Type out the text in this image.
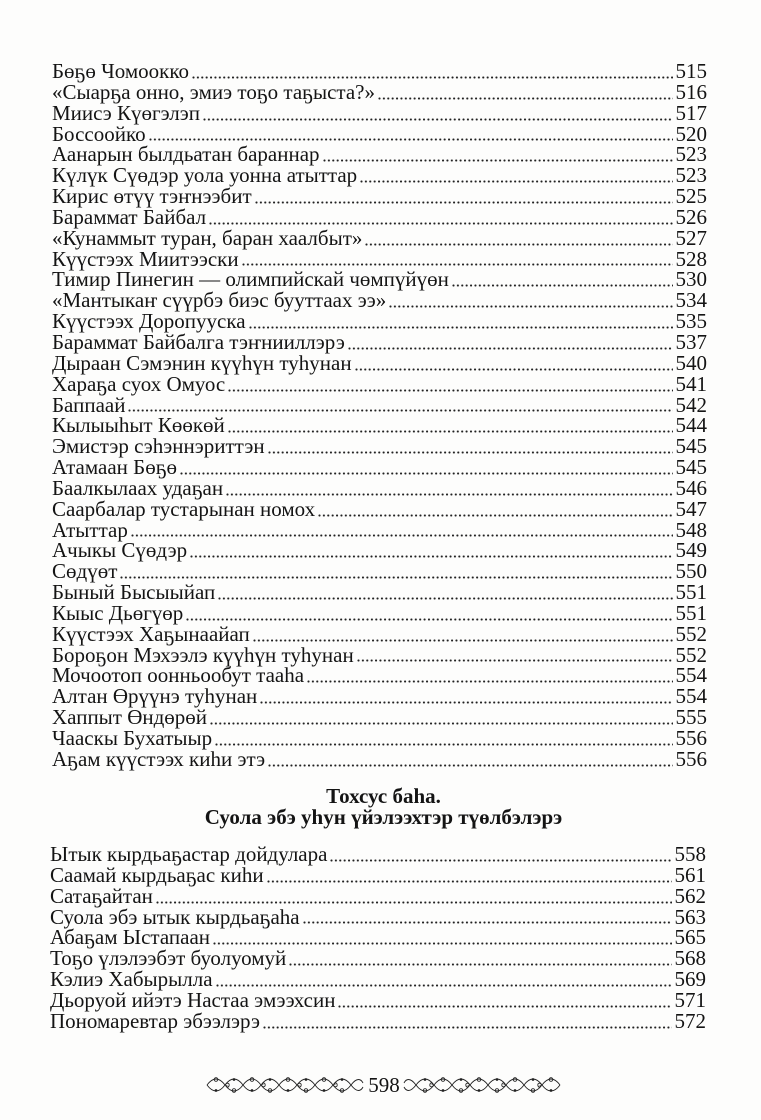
Бөҕө Чомоокко	515
«Сыарҕа онно, эмиэ тоҕо таҕыста?»	516
Миисэ Күөгэлэп	517
Боссоойко	520
Аанарын былдьатан бараннар	523
Күлүк Сүөдэр уола уонна атыттар	523
Кирис өтүү тэҥнээбит	525
Бараммат Байбал	526
«Кунаммыт туран, баран хаалбыт»	527
Күүстээх Миитээски	528
Тимир Пинегин — олимпийскай чөмпүйүөн	530
«Мантыкаҥ сүүрбэ биэс бууттаах ээ»	534
Күүстээх Доропууска	535
Бараммат Байбалга тэҥнииллэрэ	537
Дыраан Сэмэнин күүһүн туһунан	540
Хараҕа суох Омуос	541
Баппаай	542
Кылыыһыт Көөкөй	544
Эмистэр сэһэннэриттэн	545
Атамаан Бөҕө	545
Баалкылаах удаҕан	546
Саарбалар тустарынан номох	547
Атыттар	548
Ачыкы Сүөдэр	549
Сөдүөт	550
Быный Бысыыйап	551
Кыыс Дьөгүөр	551
Күүстээх Хаҕынаайап	552
Бороҕон Мэхээлэ күүһүн туһунан	552
Мочоотоп оонньообут тааһа	554
Алтан Өрүүнэ туһунан	554
Хаппыт Өндөрөй	555
Чааскы Бухатыыр	556
Аҕам күүстээх киһи этэ	556
Тохсус баһа.
Суола эбэ уһун үйэлээхтэр түөлбэлэрэ
Ытык кырдьаҕастар дойдулара	558
Саамай кырдьаҕас киһи	561
Сатаҕайтан	562
Суола эбэ ытык кырдьаҕаһа	563
Абаҕам Ыстапаан	565
Тоҕо үлэлээбэт буолуомуй	568
Кэлиэ Хабырылла	569
Дьоруой ийэтэ Настаа эмээхсин	571
Пономаревтар эбээлэрэ	572
598
